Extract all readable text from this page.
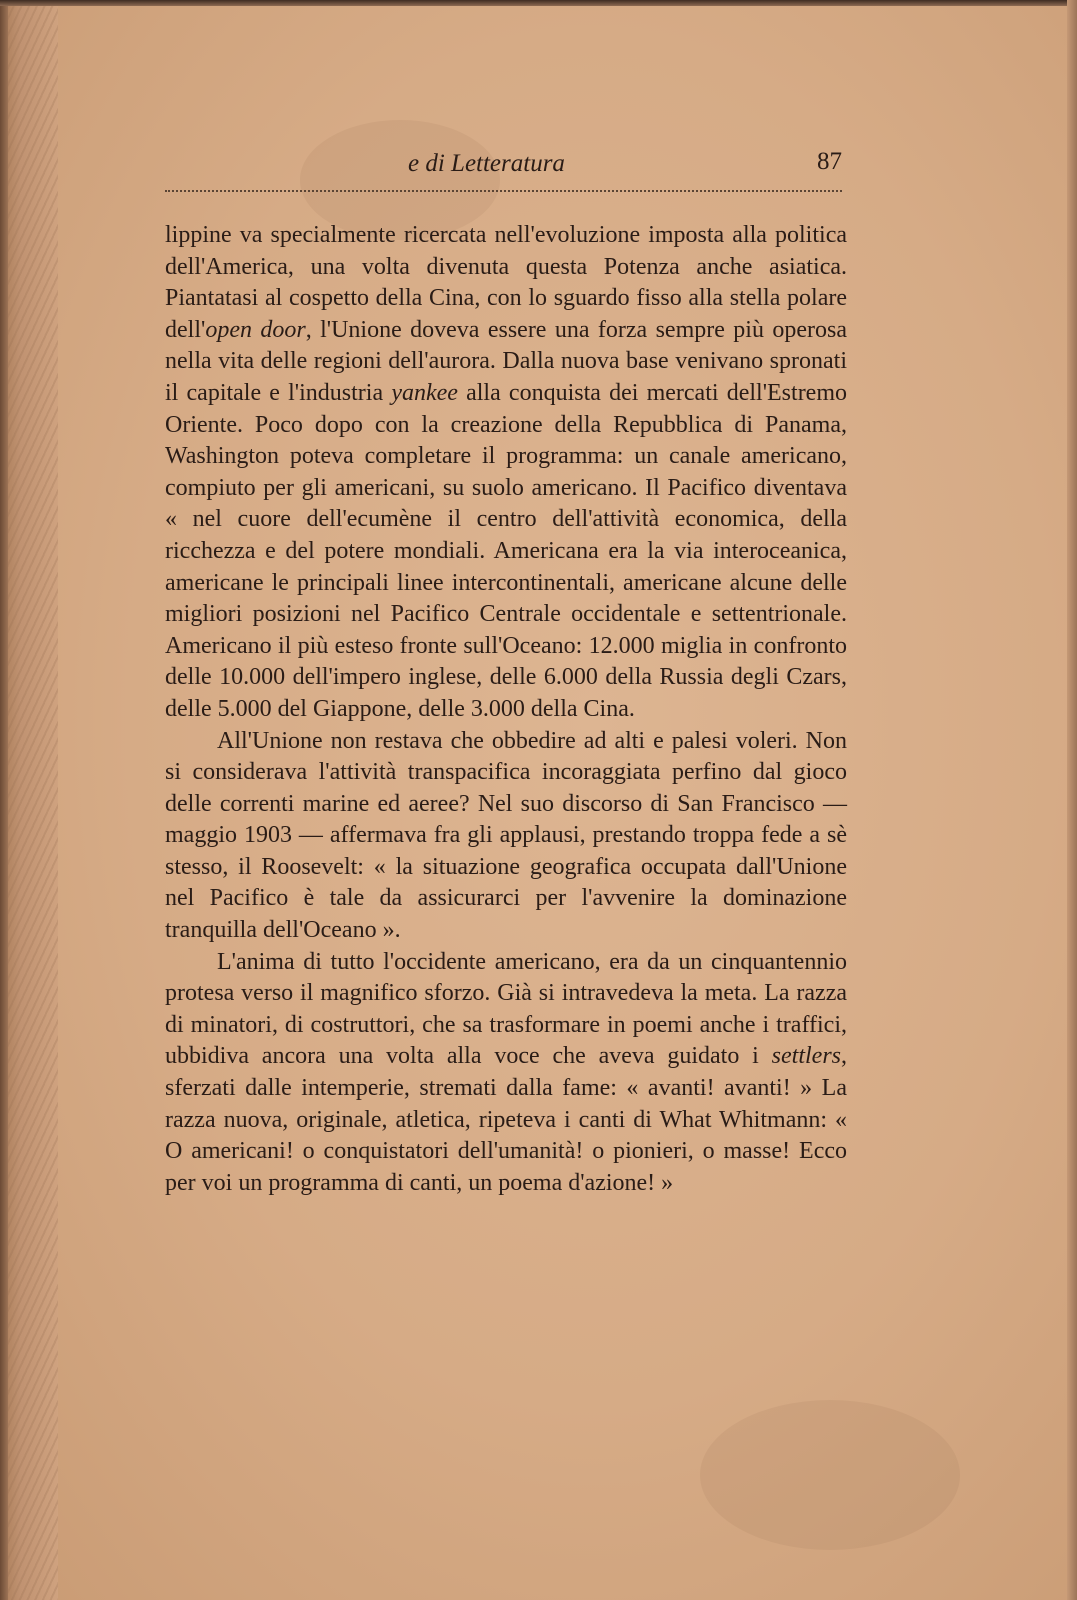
e di Letteratura	87

lippine va specialmente ricercata nell'evoluzione imposta alla politica dell'America, una volta divenuta questa Potenza anche asiatica. Piantatasi al cospetto della Cina, con lo sguardo fisso alla stella polare dell'open door, l'Unione doveva essere una forza sempre più operosa nella vita delle regioni dell'aurora. Dalla nuova base venivano spronati il capitale e l'industria yankee alla conquista dei mercati dell'Estremo Oriente. Poco dopo con la creazione della Repubblica di Panama, Washington poteva completare il programma: un canale americano, compiuto per gli americani, su suolo americano. Il Pacifico diventava « nel cuore dell'ecumène il centro dell'attività economica, della ricchezza e del potere mondiali. Americana era la via interoceanica, americane le principali linee intercontinentali, americane alcune delle migliori posizioni nel Pacifico Centrale occidentale e settentrionale. Americano il più esteso fronte sull'Oceano: 12.000 miglia in confronto delle 10.000 dell'impero inglese, delle 6.000 della Russia degli Czars, delle 5.000 del Giappone, delle 3.000 della Cina.

All'Unione non restava che obbedire ad alti e palesi voleri. Non si considerava l'attività transpacifica incoraggiata perfino dal gioco delle correnti marine ed aeree? Nel suo discorso di San Francisco — maggio 1903 — affermava fra gli applausi, prestando troppa fede a sè stesso, il Roosevelt: « la situazione geografica occupata dall'Unione nel Pacifico è tale da assicurarci per l'avvenire la dominazione tranquilla dell'Oceano ».

L'anima di tutto l'occidente americano, era da un cinquantennio protesa verso il magnifico sforzo. Già si intravedeva la meta. La razza di minatori, di costruttori, che sa trasformare in poemi anche i traffici, ubbidiva ancora una volta alla voce che aveva guidato i settlers, sferzati dalle intemperie, stremati dalla fame: « avanti! avanti! » La razza nuova, originale, atletica, ripeteva i canti di What Whitmann: « O americani! o conquistatori dell'umanità! o pionieri, o masse! Ecco per voi un programma di canti, un poema d'azione! »
